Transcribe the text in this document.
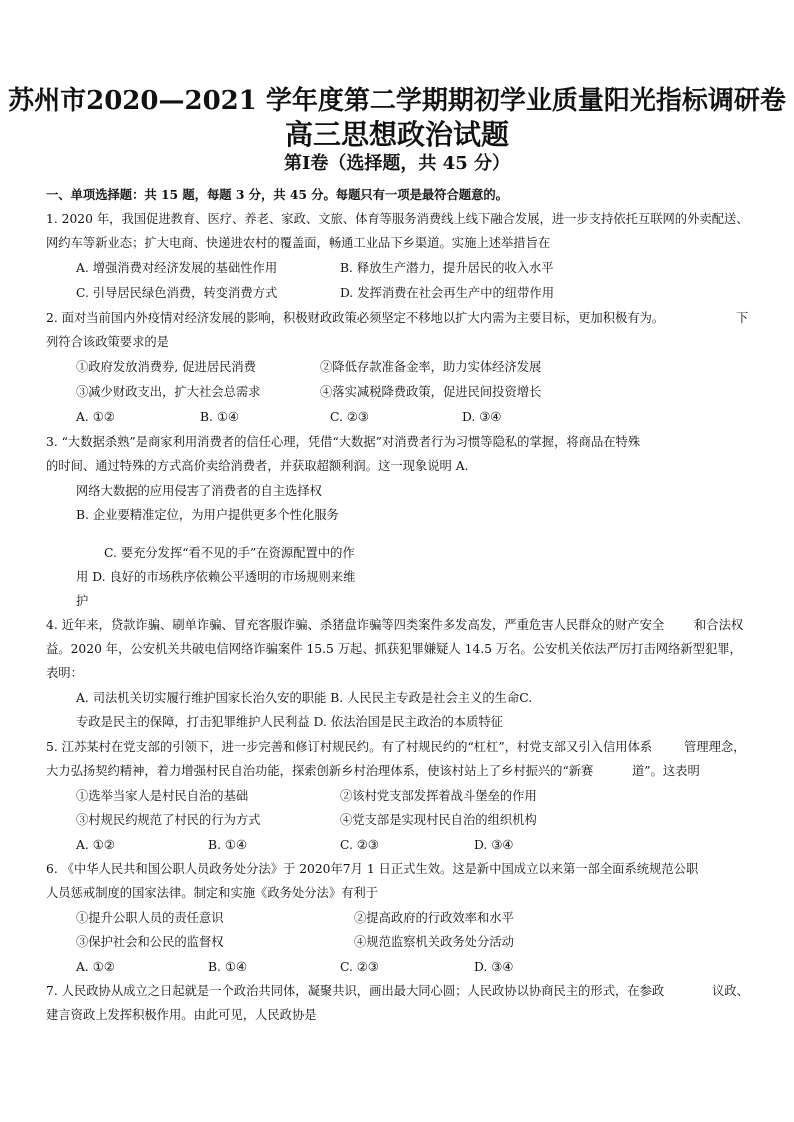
苏州市2020—2021 学年度第二学期期初学业质量阳光指标调研卷
高三思想政治试题
第Ⅰ卷（选择题，共 45 分）
一、单项选择题：共 15 题，每题 3 分，共 45 分。每题只有一项是最符合题意的。
1. 2020 年，我国促进教育、医疗、养老、家政、文旅、体育等服务消费线上线下融合发展，进一步支持依托互联网的外卖配送、
网约车等新业态；扩大电商、快递进农村的覆盖面，畅通工业品下乡渠道。实施上述举措旨在
A. 增强消费对经济发展的基础性作用	B. 释放生产潜力，提升居民的收入水平
C. 引导居民绿色消费，转变消费方式	D. 发挥消费在社会再生产中的纽带作用
2. 面对当前国内外疫情对经济发展的影响，积极财政政策必须坚定不移地以扩大内需为主要目标，更加积极有为。	下
列符合该政策要求的是
①政府发放消费券, 促进居民消费	②降低存款准备金率，助力实体经济发展
③减少财政支出，扩大社会总需求	④落实减税降费政策，促进民间投资增长
A. ①②	B. ①④	C. ②③	D. ③④
3. “大数据杀熟”是商家利用消费者的信任心理，凭借“大数据”对消费者行为习惯等隐私的掌握，将商品在特殊
的时间、通过特殊的方式高价卖给消费者，并获取超额利润。这一现象说明 A.
网络大数据的应用侵害了消费者的自主选择权
B. 企业要精准定位，为用户提供更多个性化服务
C. 要充分发挥“看不见的手”在资源配置中的作
用 D. 良好的市场秩序依赖公平透明的市场规则来维
护
4. 近年来，贷款诈骗、刷单诈骗、冒充客服诈骗、杀猪盘诈骗等四类案件多发高发，严重危害人民群众的财产安全 和合法权
益。2020 年，公安机关共破电信网络诈骗案件 15.5 万起、抓获犯罪嫌疑人 14.5 万名。公安机关依法严厉打击网络新型犯罪，
表明：
A. 司法机关切实履行维护国家长治久安的职能 B. 人民民主专政是社会主义的生命C.
专政是民主的保障，打击犯罪维护人民利益 D. 依法治国是民主政治的本质特征
5. 江苏某村在党支部的引领下，进一步完善和修订村规民约。有了村规民约的“杠杠”，村党支部又引入信用体系	管理理念，
大力弘扬契约精神，着力增强村民自治功能，探索创新乡村治理体系，使该村站上了乡村振兴的“新赛	道”。这表明
①选举当家人是村民自治的基础	②该村党支部发挥着战斗堡垒的作用
③村规民约规范了村民的行为方式	④党支部是实现村民自治的组织机构
A. ①②	B. ①④	C. ②③	D. ③④
6. 《中华人民共和国公职人员政务处分法》于 2020年7月 1 日正式生效。这是新中国成立以来第一部全面系统规范公职
人员惩戒制度的国家法律。制定和实施《政务处分法》有利于
①提升公职人员的责任意识	②提高政府的行政效率和水平
③保护社会和公民的监督权	④规范监察机关政务处分活动
A. ①②	B. ①④	C. ②③	D. ③④
7. 人民政协从成立之日起就是一个政治共同体，凝聚共识，画出最大同心圆；人民政协以协商民主的形式，在参政	议政、
建言资政上发挥积极作用。由此可见，人民政协是
